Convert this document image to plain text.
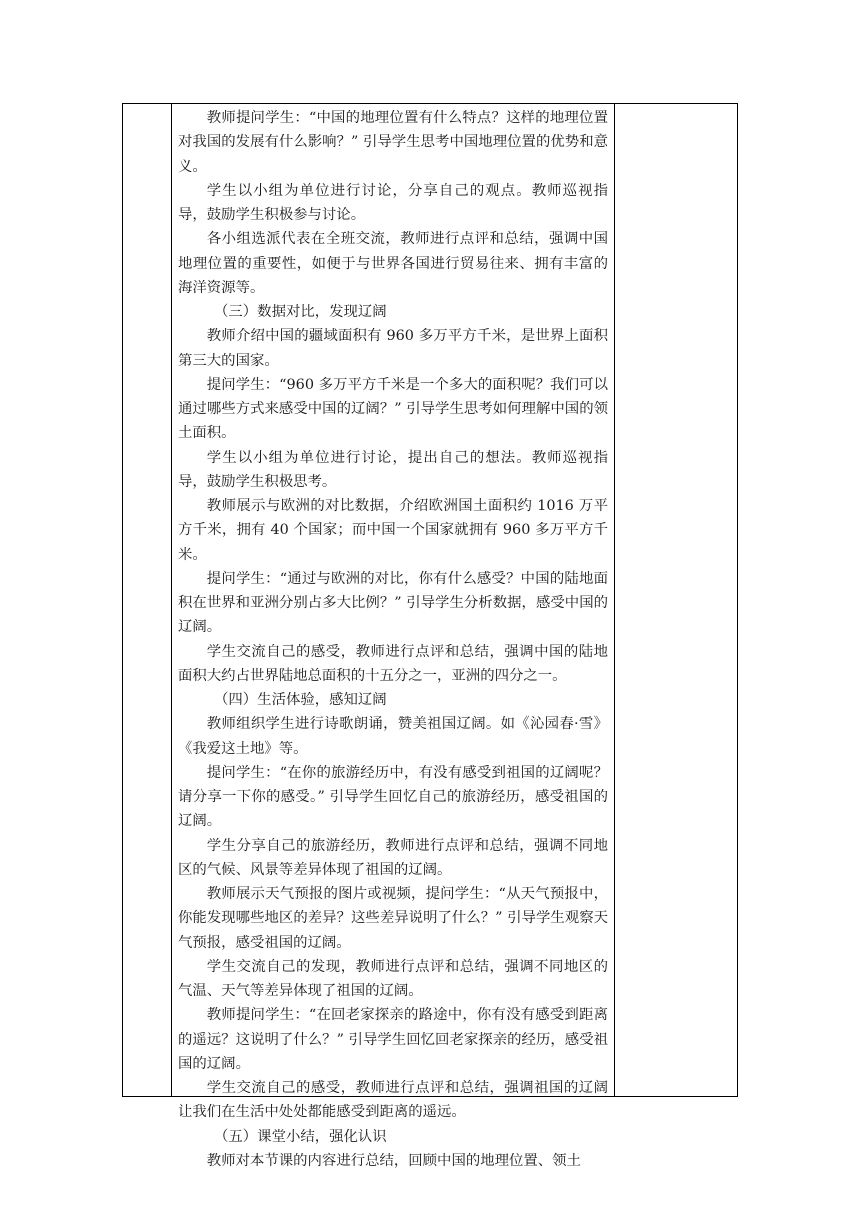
教师提问学生：“中国的地理位置有什么特点？这样的地理位置对我国的发展有什么影响？” 引导学生思考中国地理位置的优势和意义。

学生以小组为单位进行讨论，分享自己的观点。教师巡视指导，鼓励学生积极参与讨论。

各小组选派代表在全班交流，教师进行点评和总结，强调中国地理位置的重要性，如便于与世界各国进行贸易往来、拥有丰富的海洋资源等。

（三）数据对比，发现辽阔

教师介绍中国的疆域面积有 960 多万平方千米，是世界上面积第三大的国家。

提问学生：“960 多万平方千米是一个多大的面积呢？我们可以通过哪些方式来感受中国的辽阔？” 引导学生思考如何理解中国的领土面积。

学生以小组为单位进行讨论，提出自己的想法。教师巡视指导，鼓励学生积极思考。

教师展示与欧洲的对比数据，介绍欧洲国土面积约 1016 万平方千米，拥有 40 个国家；而中国一个国家就拥有 960 多万平方千米。

提问学生：“通过与欧洲的对比，你有什么感受？中国的陆地面积在世界和亚洲分别占多大比例？” 引导学生分析数据，感受中国的辽阔。

学生交流自己的感受，教师进行点评和总结，强调中国的陆地面积大约占世界陆地总面积的十五分之一，亚洲的四分之一。

（四）生活体验，感知辽阔

教师组织学生进行诗歌朗诵，赞美祖国辽阔。如《沁园春·雪》《我爱这土地》等。

提问学生：“在你的旅游经历中，有没有感受到祖国的辽阔呢？请分享一下你的感受。” 引导学生回忆自己的旅游经历，感受祖国的辽阔。

学生分享自己的旅游经历，教师进行点评和总结，强调不同地区的气候、风景等差异体现了祖国的辽阔。

教师展示天气预报的图片或视频，提问学生：“从天气预报中，你能发现哪些地区的差异？这些差异说明了什么？” 引导学生观察天气预报，感受祖国的辽阔。

学生交流自己的发现，教师进行点评和总结，强调不同地区的气温、天气等差异体现了祖国的辽阔。

教师提问学生：“在回老家探亲的路途中，你有没有感受到距离的遥远？这说明了什么？” 引导学生回忆回老家探亲的经历，感受祖国的辽阔。

学生交流自己的感受，教师进行点评和总结，强调祖国的辽阔让我们在生活中处处都能感受到距离的遥远。

（五）课堂小结，强化认识

教师对本节课的内容进行总结，回顾中国的地理位置、领土
